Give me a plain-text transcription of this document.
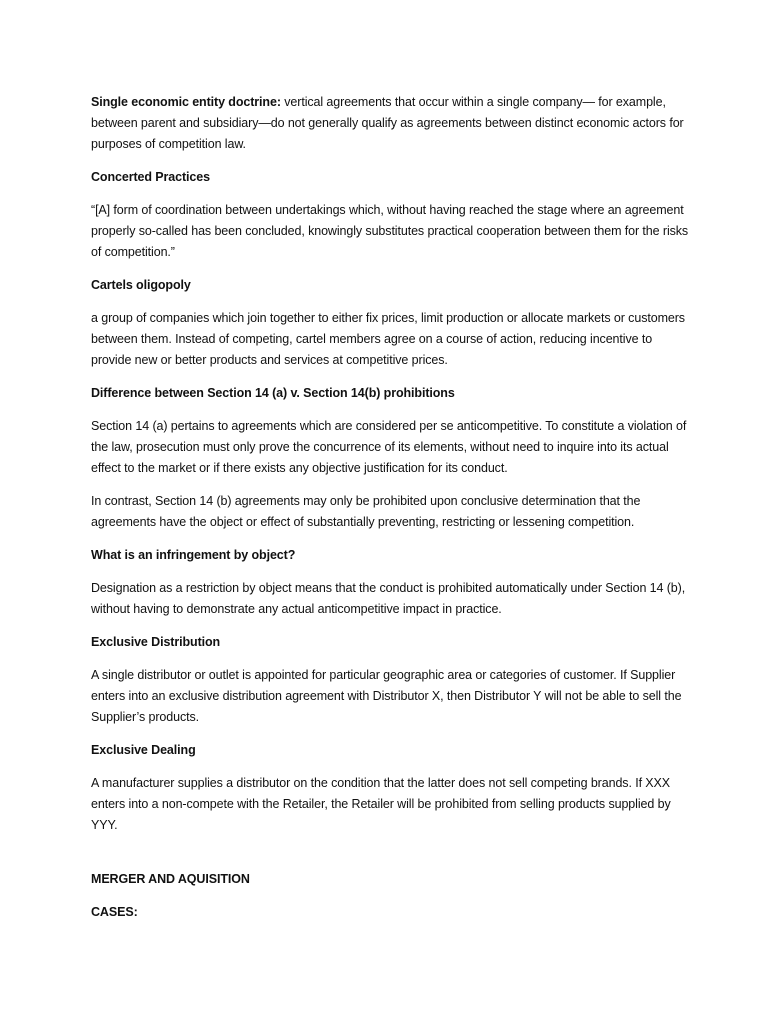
Single economic entity doctrine: vertical agreements that occur within a single company— for example, between parent and subsidiary—do not generally qualify as agreements between distinct economic actors for purposes of competition law.

Concerted Practices

“[A] form of coordination between undertakings which, without having reached the stage where an agreement properly so-called has been concluded, knowingly substitutes practical cooperation between them for the risks of competition.”

Cartels oligopoly

a group of companies which join together to either fix prices, limit production or allocate markets or customers between them. Instead of competing, cartel members agree on a course of action, reducing incentive to provide new or better products and services at competitive prices.

Difference between Section 14 (a) v. Section 14(b) prohibitions

Section 14 (a) pertains to agreements which are considered per se anticompetitive. To constitute a violation of the law, prosecution must only prove the concurrence of its elements, without need to inquire into its actual effect to the market or if there exists any objective justification for its conduct.

In contrast, Section 14 (b) agreements may only be prohibited upon conclusive determination that the agreements have the object or effect of substantially preventing, restricting or lessening competition.

What is an infringement by object?

Designation as a restriction by object means that the conduct is prohibited automatically under Section 14 (b), without having to demonstrate any actual anticompetitive impact in practice.

Exclusive Distribution

A single distributor or outlet is appointed for particular geographic area or categories of customer. If Supplier enters into an exclusive distribution agreement with Distributor X, then Distributor Y will not be able to sell the Supplier’s products.

Exclusive Dealing

A manufacturer supplies a distributor on the condition that the latter does not sell competing brands. If XXX enters into a non-compete with the Retailer, the Retailer will be prohibited from selling products supplied by YYY.

MERGER AND AQUISITION

CASES:
